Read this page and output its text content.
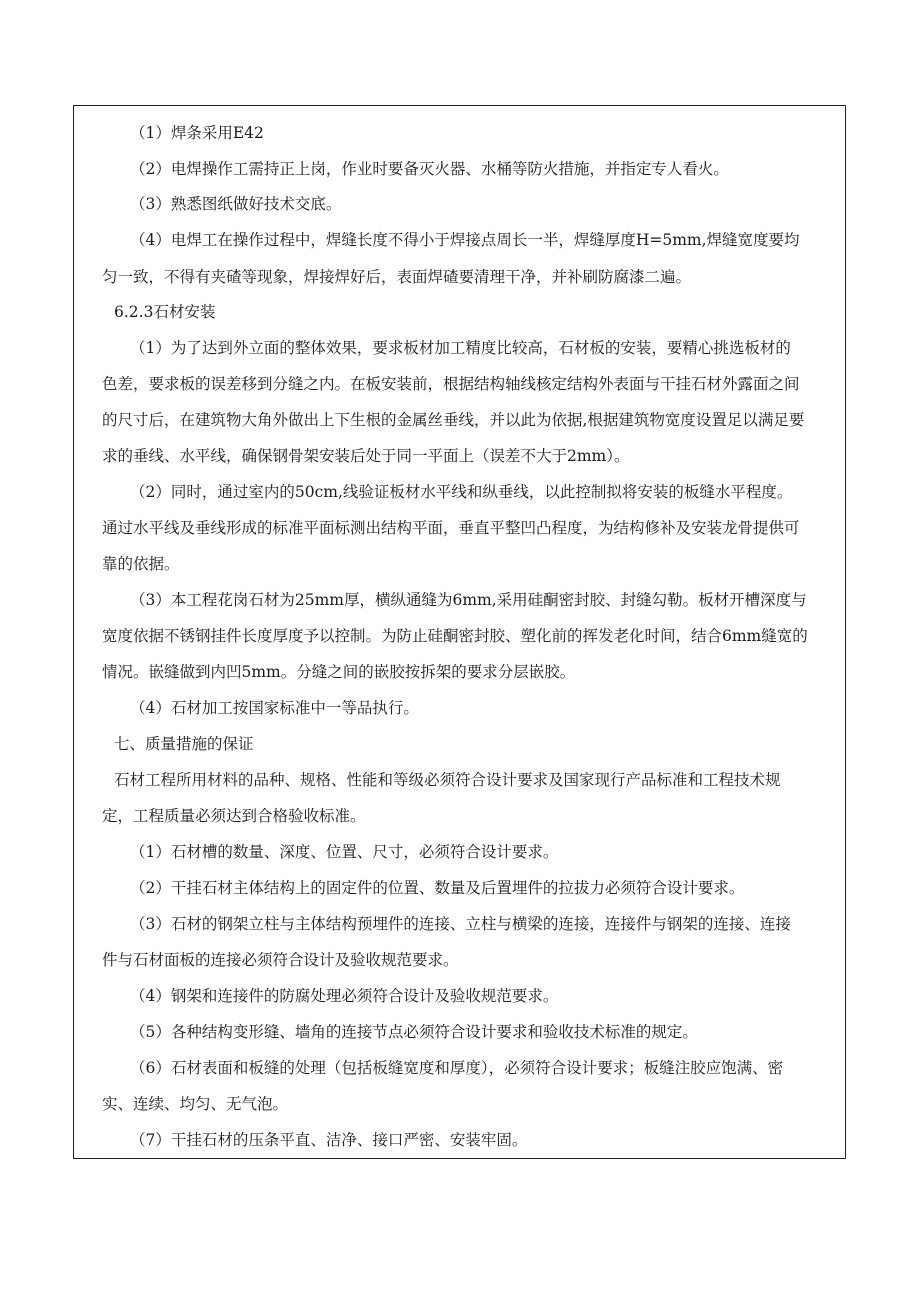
（1）焊条采用E42
（2）电焊操作工需持正上岗，作业时要备灭火器、水桶等防火措施，并指定专人看火。
（3）熟悉图纸做好技术交底。
（4）电焊工在操作过程中，焊缝长度不得小于焊接点周长一半，焊缝厚度H=5mm,焊缝宽度要均
匀一致，不得有夹碴等现象，焊接焊好后，表面焊碴要清理干净，并补刷防腐漆二遍。
6.2.3石材安装
（1）为了达到外立面的整体效果，要求板材加工精度比较高，石材板的安装，要精心挑选板材的
色差，要求板的误差移到分缝之内。在板安装前，根据结构轴线核定结构外表面与干挂石材外露面之间
的尺寸后，在建筑物大角外做出上下生根的金属丝垂线，并以此为依据,根据建筑物宽度设置足以满足要
求的垂线、水平线，确保钢骨架安装后处于同一平面上（误差不大于2mm）。
（2）同时，通过室内的50cm,线验证板材水平线和纵垂线，以此控制拟将安装的板缝水平程度。
通过水平线及垂线形成的标准平面标测出结构平面，垂直平整凹凸程度，为结构修补及安装龙骨提供可
靠的依据。
（3）本工程花岗石材为25mm厚，横纵通缝为6mm,采用硅酮密封胶、封缝勾勒。板材开槽深度与
宽度依据不锈钢挂件长度厚度予以控制。为防止硅酮密封胶、塑化前的挥发老化时间，结合6mm缝宽的
情况。嵌缝做到内凹5mm。分缝之间的嵌胶按拆架的要求分层嵌胶。
（4）石材加工按国家标准中一等品执行。
七、质量措施的保证
石材工程所用材料的品种、规格、性能和等级必须符合设计要求及国家现行产品标准和工程技术规
定，工程质量必须达到合格验收标准。
（1）石材槽的数量、深度、位置、尺寸，必须符合设计要求。
（2）干挂石材主体结构上的固定件的位置、数量及后置埋件的拉拔力必须符合设计要求。
（3）石材的钢架立柱与主体结构预埋件的连接、立柱与横梁的连接，连接件与钢架的连接、连接
件与石材面板的连接必须符合设计及验收规范要求。
（4）钢架和连接件的防腐处理必须符合设计及验收规范要求。
（5）各种结构变形缝、墙角的连接节点必须符合设计要求和验收技术标准的规定。
（6）石材表面和板缝的处理（包括板缝宽度和厚度），必须符合设计要求；板缝注胶应饱满、密
实、连续、均匀、无气泡。
（7）干挂石材的压条平直、洁净、接口严密、安装牢固。
